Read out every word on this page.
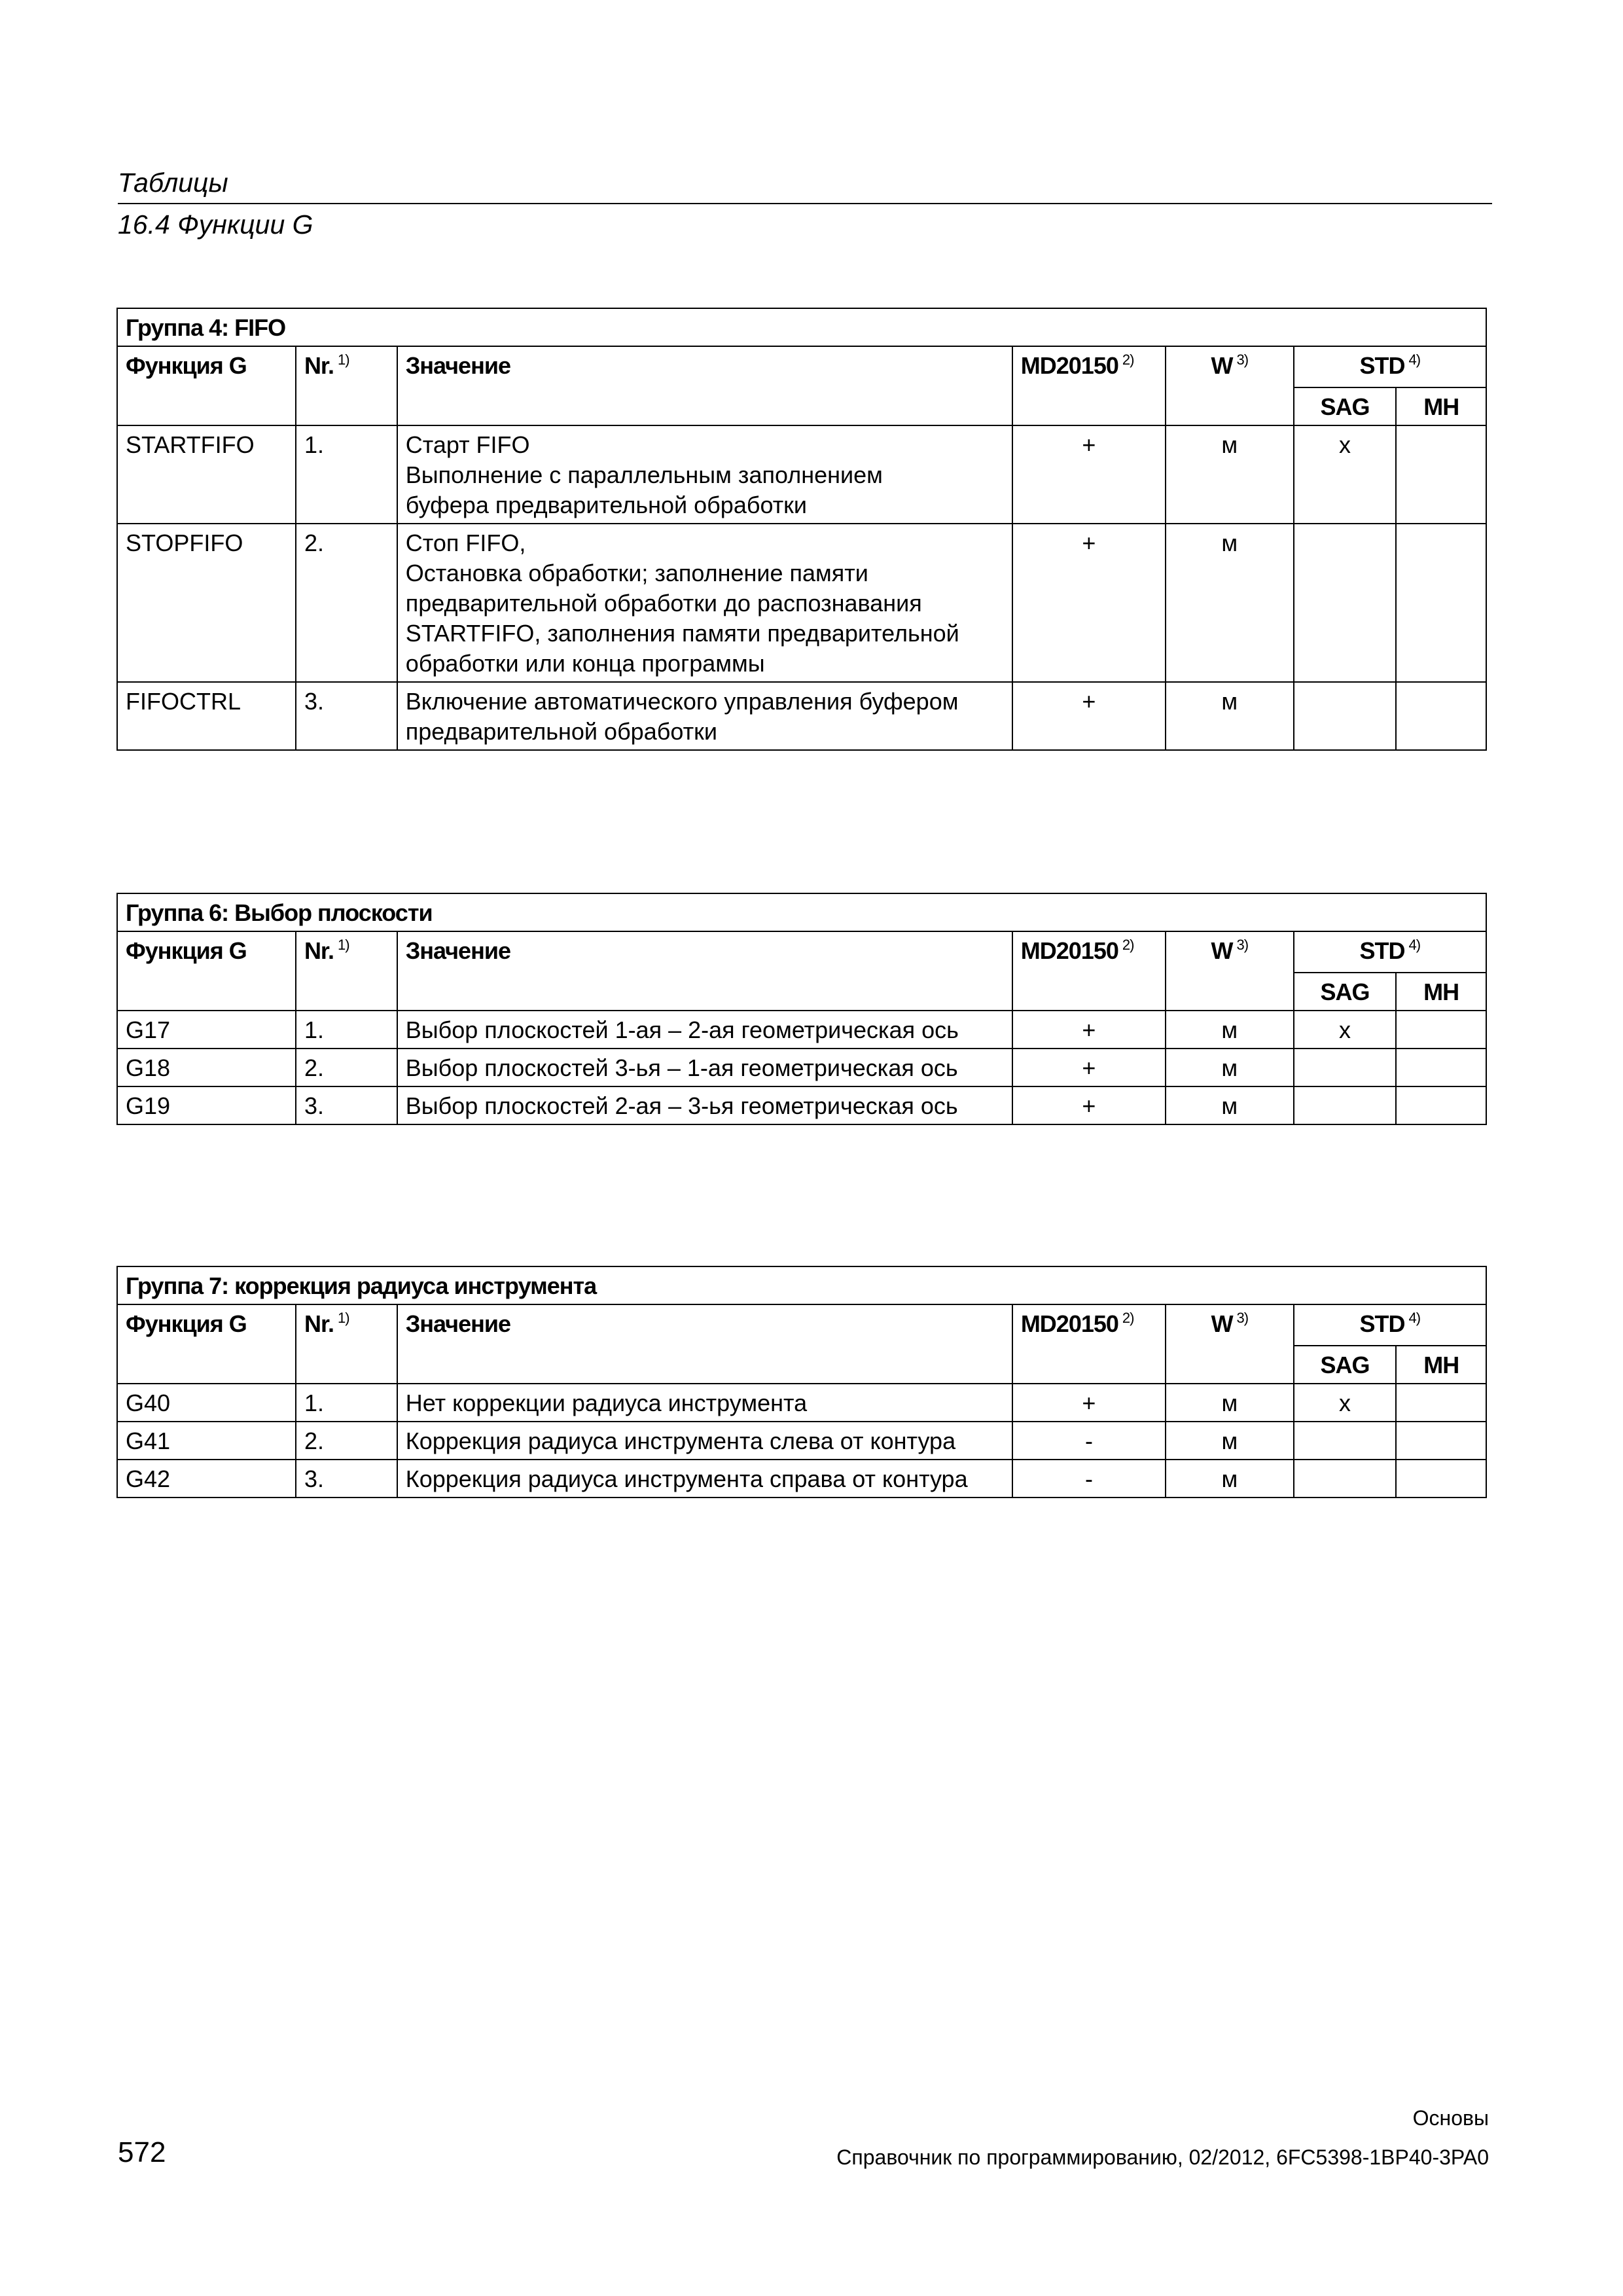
Таблицы
16.4 Функции G
Группа 4: FIFO						
Функция G	Nr. $^{1)}$	Значение	MD20150 $^{2)}$	W $^{3)}$	STD $^{4)}$
					SAG	MH
STARTFIFO	1.	Старт FIFO
Выполнение с параллельным заполнением
буфера предварительной обработки	+	м	x	
STOPFIFO	2.	Стоп FIFO,
Остановка обработки; заполнение памяти
предварительной обработки до распознавания
STARTFIFO, заполнения памяти предварительной
обработки или конца программы	+	м		
FIFOCTRL	3.	Включение автоматического управления буфером
предварительной обработки	+	м		
Группа 6: Выбор плоскости						
Функция G	Nr. $^{1)}$	Значение	MD20150 $^{2)}$	W $^{3)}$	STD $^{4)}$
					SAG	MH
G17	1.	Выбор плоскостей 1-ая – 2-ая геометрическая ось	+	м	x	
G18	2.	Выбор плоскостей 3-ья – 1-ая геометрическая ось	+	м		
G19	3.	Выбор плоскостей 2-ая – 3-ья геометрическая ось	+	м		
Группа 7: коррекция радиуса инструмента						
Функция G	Nr. $^{1)}$	Значение	MD20150 $^{2)}$	W $^{3)}$	STD $^{4)}$
					SAG	MH
G40	1.	Нет коррекции радиуса инструмента	+	м	x	
G41	2.	Коррекция радиуса инструмента слева от контура	-	м		
G42	3.	Коррекция радиуса инструмента справа от контура	-	м		
572
Основы
Справочник по программированию, 02/2012, 6FC5398-1BP40-3PA0
